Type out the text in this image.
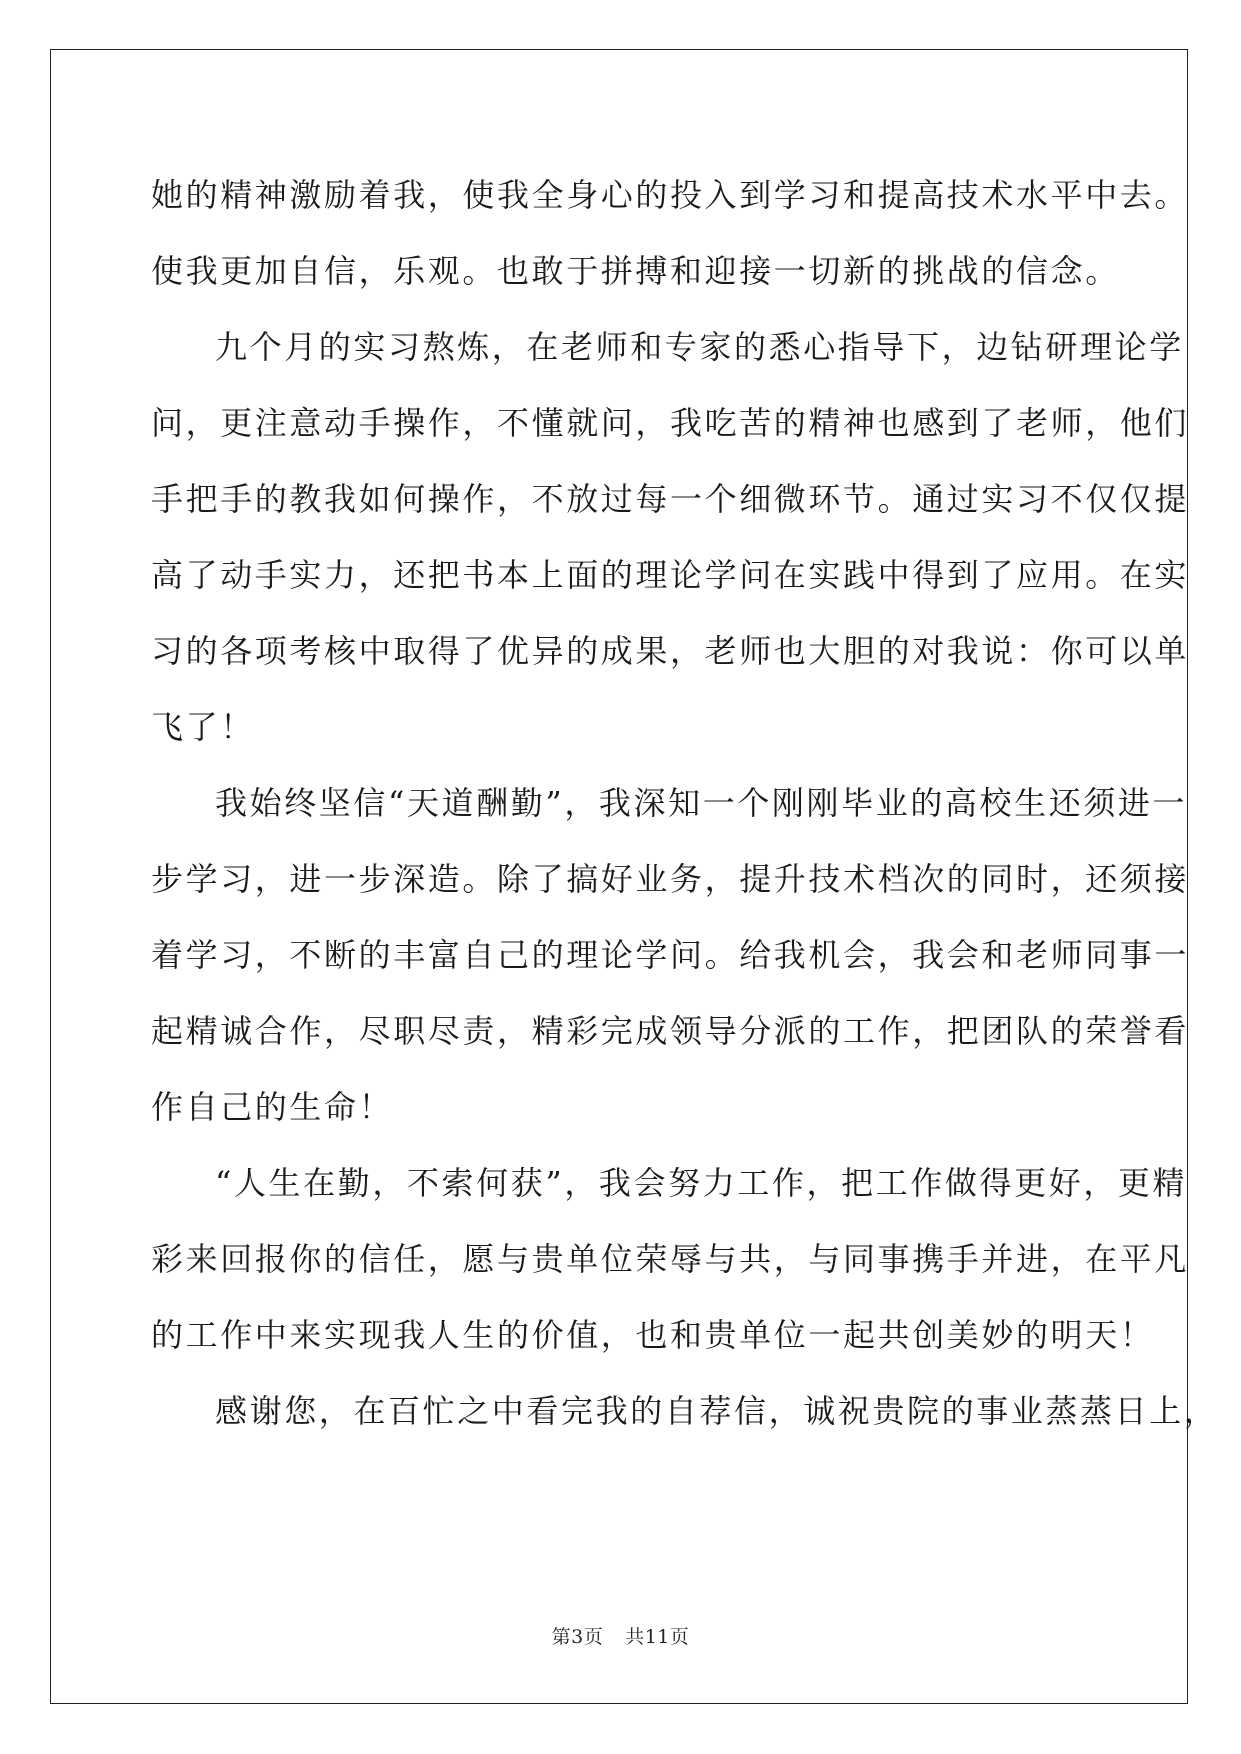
她的精神激励着我，使我全身心的投入到学习和提高技术水平中去。
使我更加自信，乐观。也敢于拼搏和迎接一切新的挑战的信念。
九个月的实习熬炼，在老师和专家的悉心指导下，边钻研理论学
问，更注意动手操作，不懂就问，我吃苦的精神也感到了老师，他们
手把手的教我如何操作，不放过每一个细微环节。通过实习不仅仅提
高了动手实力，还把书本上面的理论学问在实践中得到了应用。在实
习的各项考核中取得了优异的成果，老师也大胆的对我说：你可以单
飞了！
我始终坚信“天道酬勤”，我深知一个刚刚毕业的高校生还须进一
步学习，进一步深造。除了搞好业务，提升技术档次的同时，还须接
着学习，不断的丰富自己的理论学问。给我机会，我会和老师同事一
起精诚合作，尽职尽责，精彩完成领导分派的工作，把团队的荣誉看
作自己的生命！
“人生在勤，不索何获”，我会努力工作，把工作做得更好，更精
彩来回报你的信任，愿与贵单位荣辱与共，与同事携手并进，在平凡
的工作中来实现我人生的价值，也和贵单位一起共创美妙的明天！
感谢您，在百忙之中看完我的自荐信，诚祝贵院的事业蒸蒸日上，
第3页 共11页
